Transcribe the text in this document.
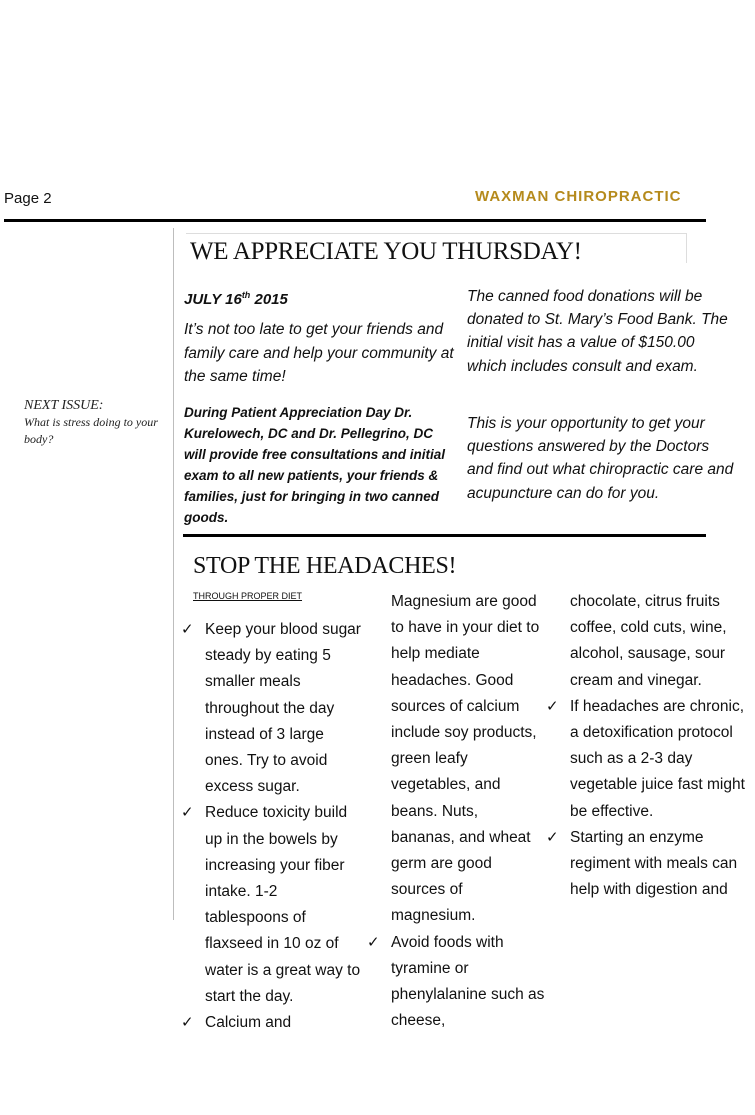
Page 2	WAXMAN CHIROPRACTIC
NEXT ISSUE:
What is stress doing to your body?
WE APPRECIATE YOU THURSDAY!
JULY 16th 2015
It’s not too late to get your friends and family care and help your community at the same time!
During Patient Appreciation Day Dr. Kurelowech, DC and Dr. Pellegrino, DC will provide free consultations and initial exam to all new patients, your friends & families, just for bringing in two canned goods.
The canned food donations will be donated to St. Mary’s Food Bank. The initial visit has a value of $150.00 which includes consult and exam.
This is your opportunity to get your questions answered by the Doctors and find out what chiropractic care and acupuncture can do for you.
STOP THE HEADACHES!
THROUGH PROPER DIET
✓ Keep your blood sugar steady by eating 5 smaller meals throughout the day instead of 3 large ones. Try to avoid excess sugar.
✓ Reduce toxicity build up in the bowels by increasing your fiber intake. 1-2 tablespoons of flaxseed in 10 oz of water is a great way to start the day.
✓ Calcium and
Magnesium are good to have in your diet to help mediate headaches. Good sources of calcium include soy products, green leafy vegetables, and beans. Nuts, bananas, and wheat germ are good sources of magnesium.
✓ Avoid foods with tyramine or phenylalanine such as cheese,
chocolate, citrus fruits coffee, cold cuts, wine, alcohol, sausage, sour cream and vinegar.
✓ If headaches are chronic, a detoxification protocol such as a 2-3 day vegetable juice fast might be effective.
✓ Starting an enzyme regiment with meals can help with digestion and
